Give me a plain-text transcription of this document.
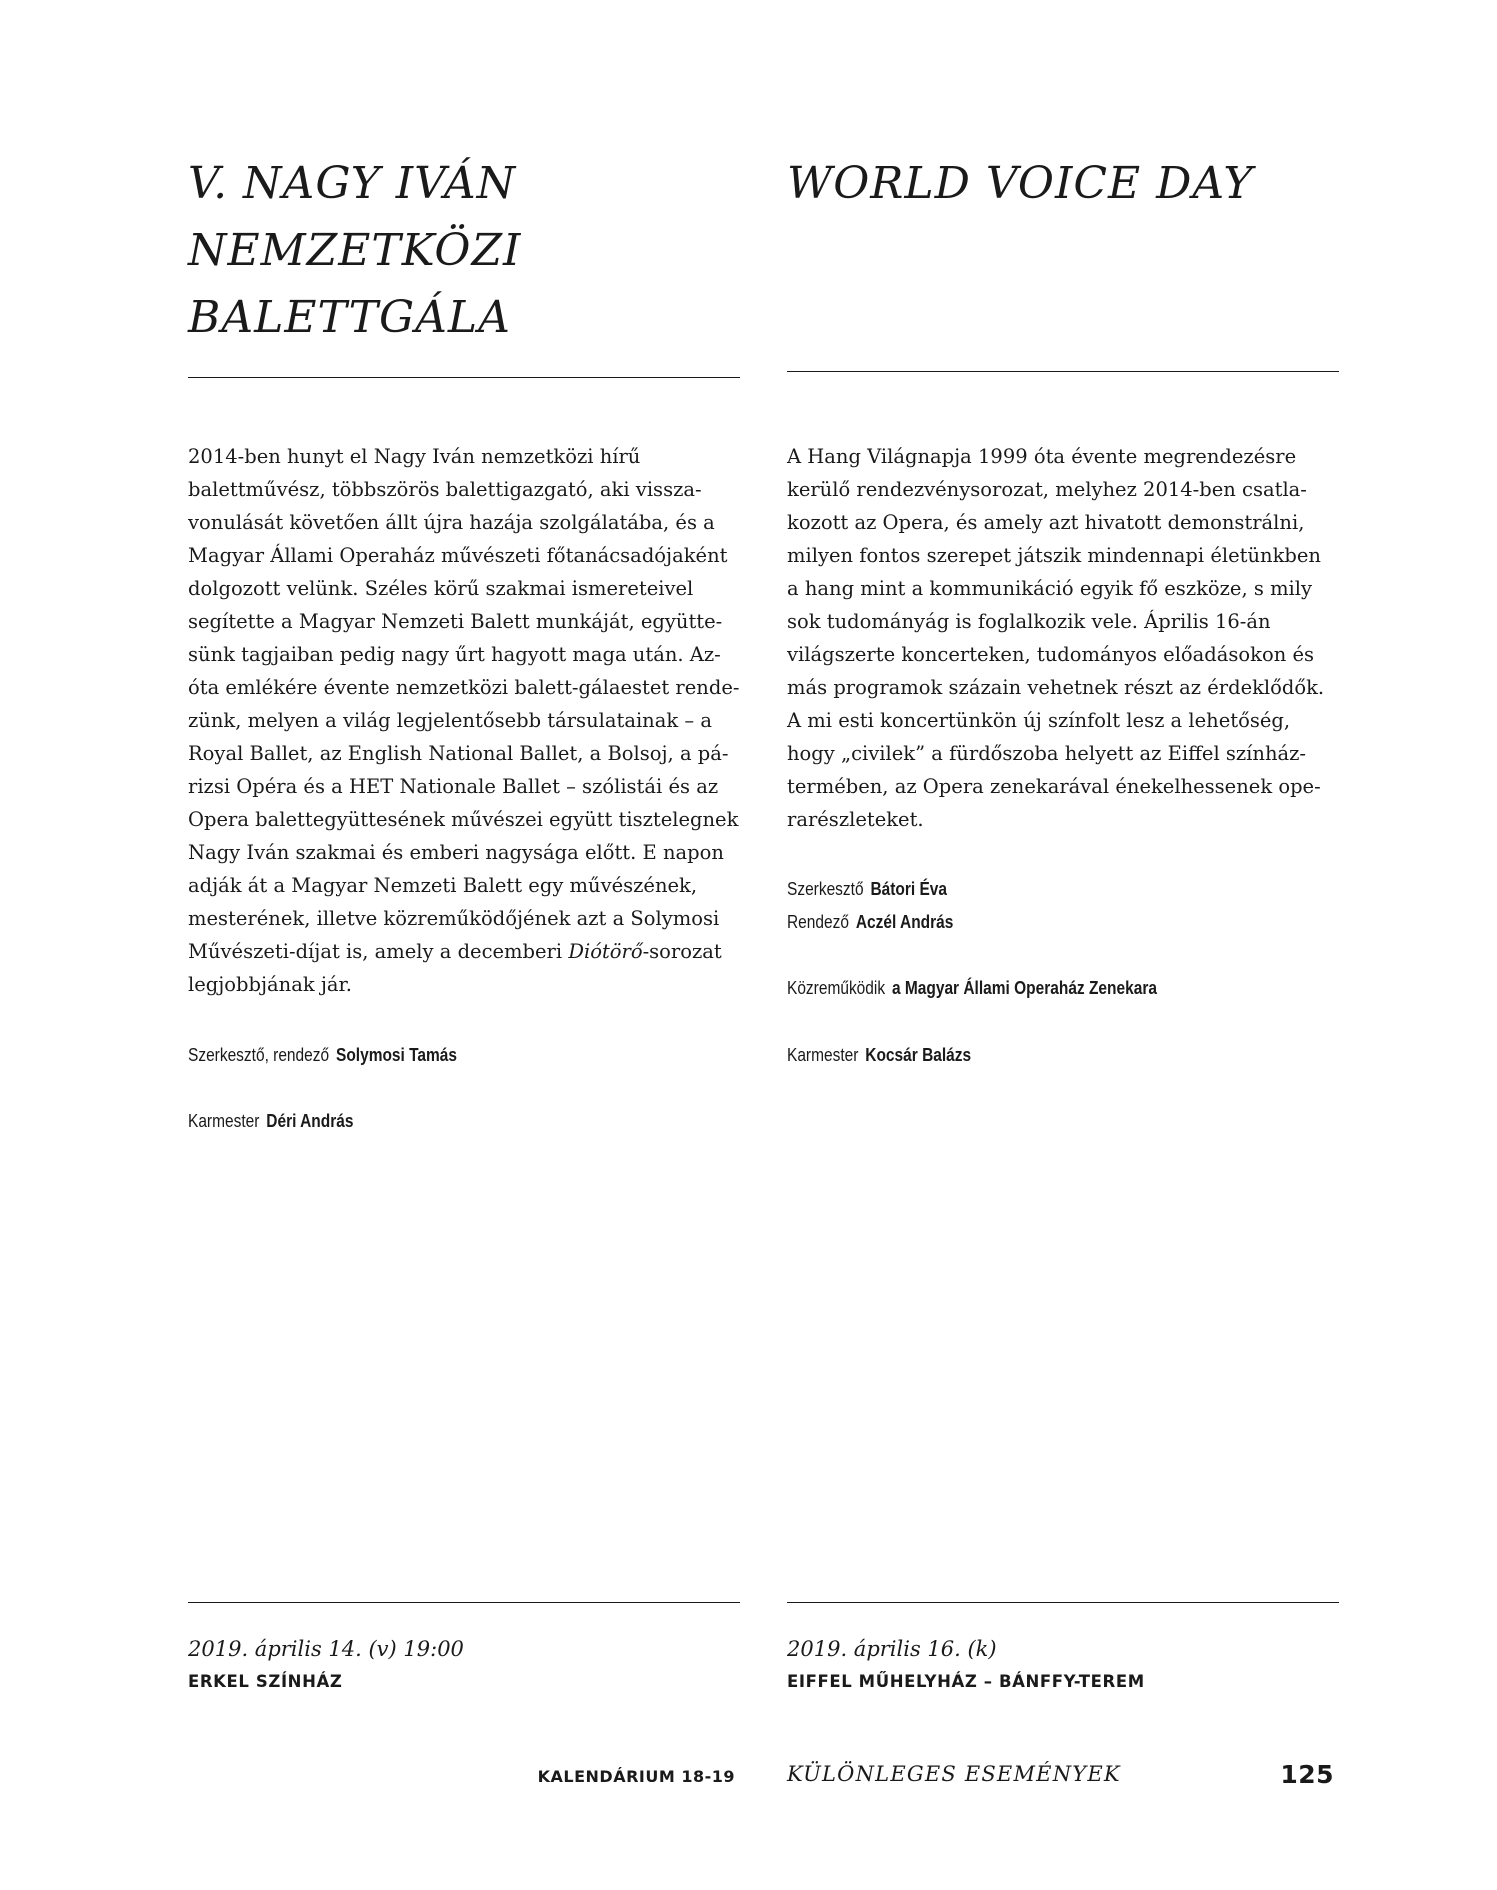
V. NAGY IVÁN
NEMZETKÖZI
BALETTGÁLA
2014-ben hunyt el Nagy Iván nemzetközi hírű
balettművész, többszörös balettigazgató, aki vissza-
vonulását követően állt újra hazája szolgálatába, és a
Magyar Állami Operaház művészeti főtanácsadójaként
dolgozott velünk. Széles körű szakmai ismereteivel
segítette a Magyar Nemzeti Balett munkáját, együtte-
sünk tagjaiban pedig nagy űrt hagyott maga után. Az-
óta emlékére évente nemzetközi balett-gálaestet rende-
zünk, melyen a világ legjelentősebb társulatainak – a
Royal Ballet, az English National Ballet, a Bolsoj, a pá-
rizsi Opéra és a HET Nationale Ballet – szólistái és az
Opera balettegyüttesének művészei együtt tisztelegnek
Nagy Iván szakmai és emberi nagysága előtt. E napon
adják át a Magyar Nemzeti Balett egy művészének,
mesterének, illetve közreműködőjének azt a Solymosi
Művészeti-díjat is, amely a decemberi Diótörő-sorozat
legjobbjának jár.
Szerkesztő, rendező Solymosi Tamás
Karmester Déri András
2019. április 14. (v) 19:00
ERKEL SZÍNHÁZ
WORLD VOICE DAY
A Hang Világnapja 1999 óta évente megrendezésre
kerülő rendezvénysorozat, melyhez 2014-ben csatla-
kozott az Opera, és amely azt hivatott demonstrálni,
milyen fontos szerepet játszik mindennapi életünkben
a hang mint a kommunikáció egyik fő eszköze, s mily
sok tudományág is foglalkozik vele. Április 16-án
világszerte koncerteken, tudományos előadásokon és
más programok százain vehetnek részt az érdeklődők.
A mi esti koncertünkön új színfolt lesz a lehetőség,
hogy „civilek” a fürdőszoba helyett az Eiffel színház-
termében, az Opera zenekarával énekelhessenek ope-
rarészleteket.
Szerkesztő Bátori Éva
Rendező Aczél András
Közreműködik a Magyar Állami Operaház Zenekara
Karmester Kocsár Balázs
2019. április 16. (k)
EIFFEL MŰHELYHÁZ – BÁNFFY-TEREM
KALENDÁRIUM 18-19 KÜLÖNLEGES ESEMÉNYEK	125
